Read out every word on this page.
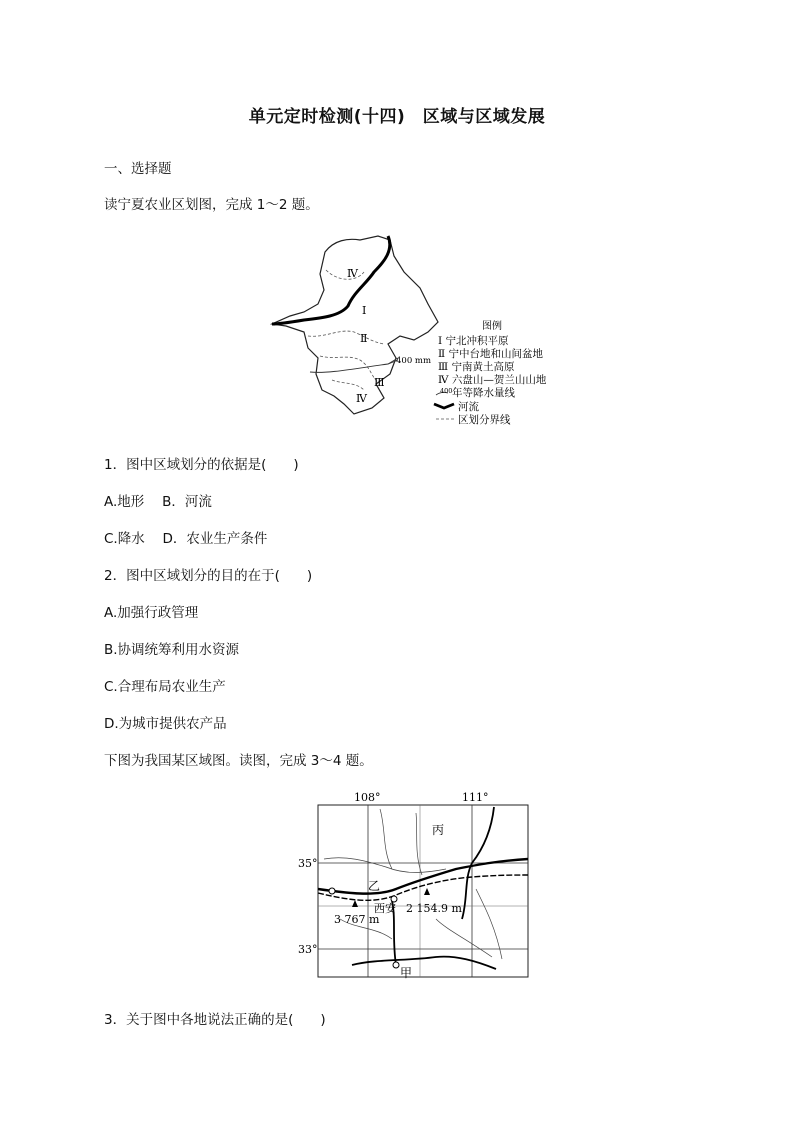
单元定时检测(十四)　区域与区域发展
一、选择题
读宁夏农业区划图，完成 1～2 题。
400 mm
Ⅳ
Ⅰ
Ⅱ
Ⅲ
Ⅳ
图例
Ⅰ 宁北冲积平原
Ⅱ 宁中台地和山间盆地
Ⅲ 宁南黄土高原
Ⅳ 六盘山—贺兰山山地
400 年等降水量线
河流
区划分界线
1．图中区域划分的依据是(　　)
A.地形　 B．河流
C.降水　 D．农业生产条件
2．图中区域划分的目的在于(　　)
A.加强行政管理
B.协调统筹利用水资源
C.合理布局农业生产
D.为城市提供农产品
下图为我国某区域图。读图，完成 3～4 题。
3 767 m
2 154.9 m
丙
乙
西安
甲
108°	111°
35°
33°
3．关于图中各地说法正确的是(　　)
